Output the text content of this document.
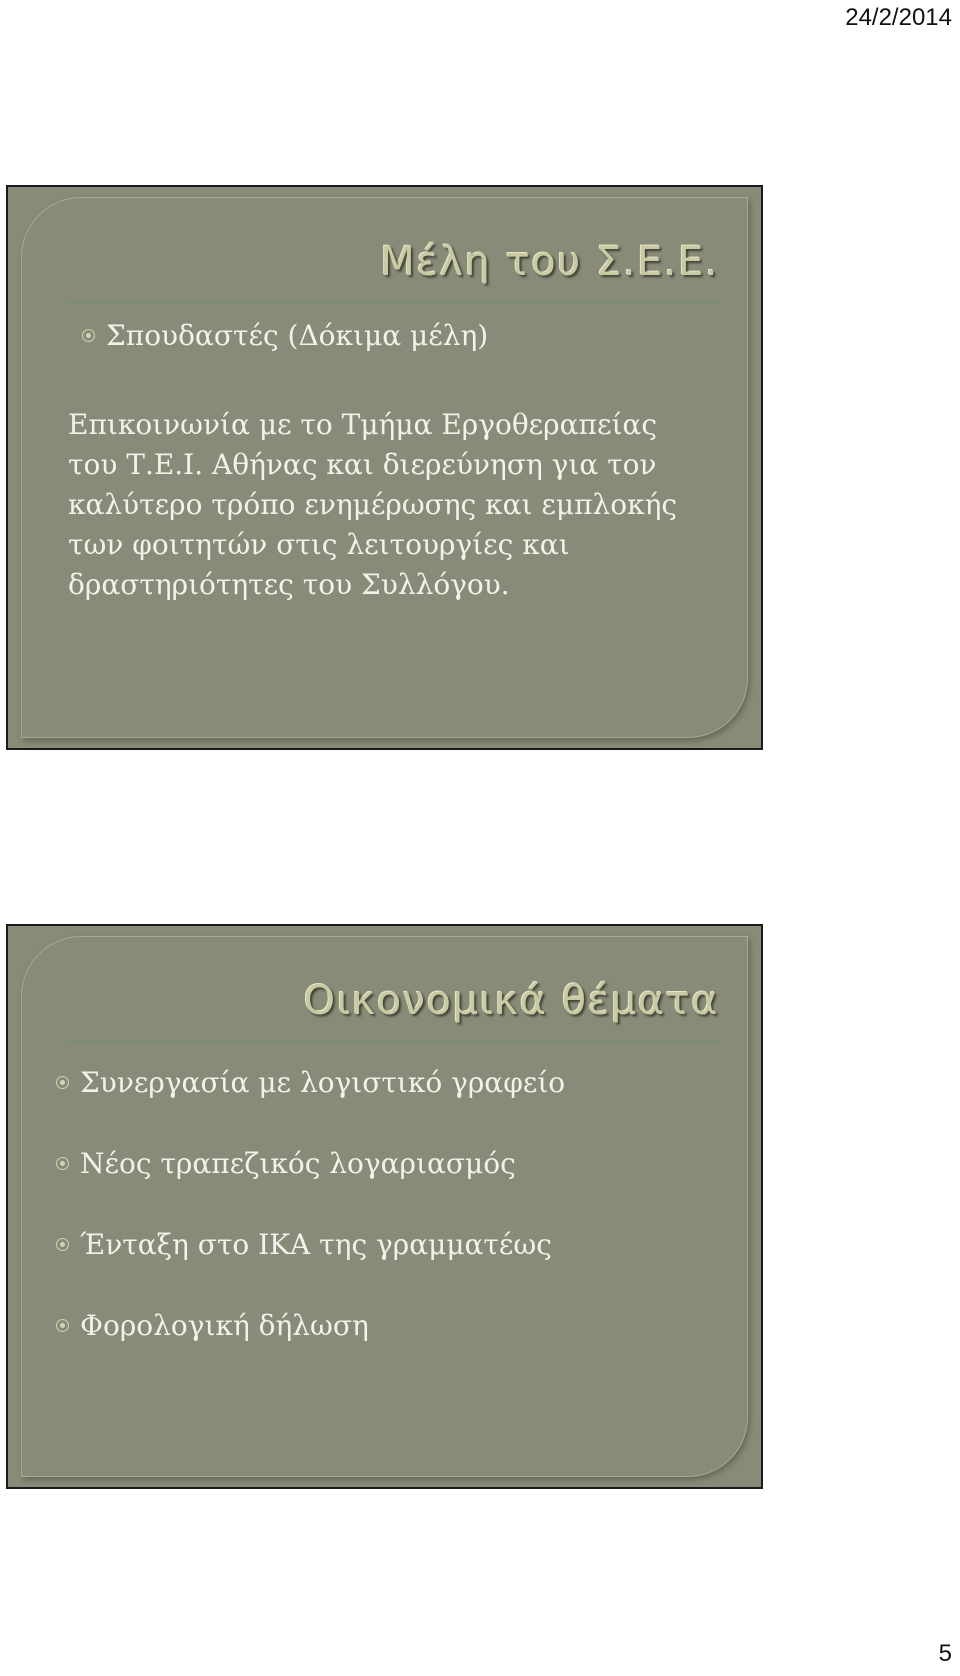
24/2/2014
Μέλη του Σ.Ε.Ε.
Σπουδαστές (Δόκιμα μέλη)

Επικοινωνία με το Τμήμα Εργοθεραπείας
του Τ.Ε.Ι. Αθήνας και διερεύνηση για τον
καλύτερο τρόπο ενημέρωσης και εμπλοκής
των φοιτητών στις λειτουργίες και
δραστηριότητες του Συλλόγου.

Οικονομικά θέματα
Συνεργασία με λογιστικό γραφείο
Νέος τραπεζικός λογαριασμός
Ένταξη στο ΙΚΑ της γραμματέως
Φορολογική δήλωση
5
